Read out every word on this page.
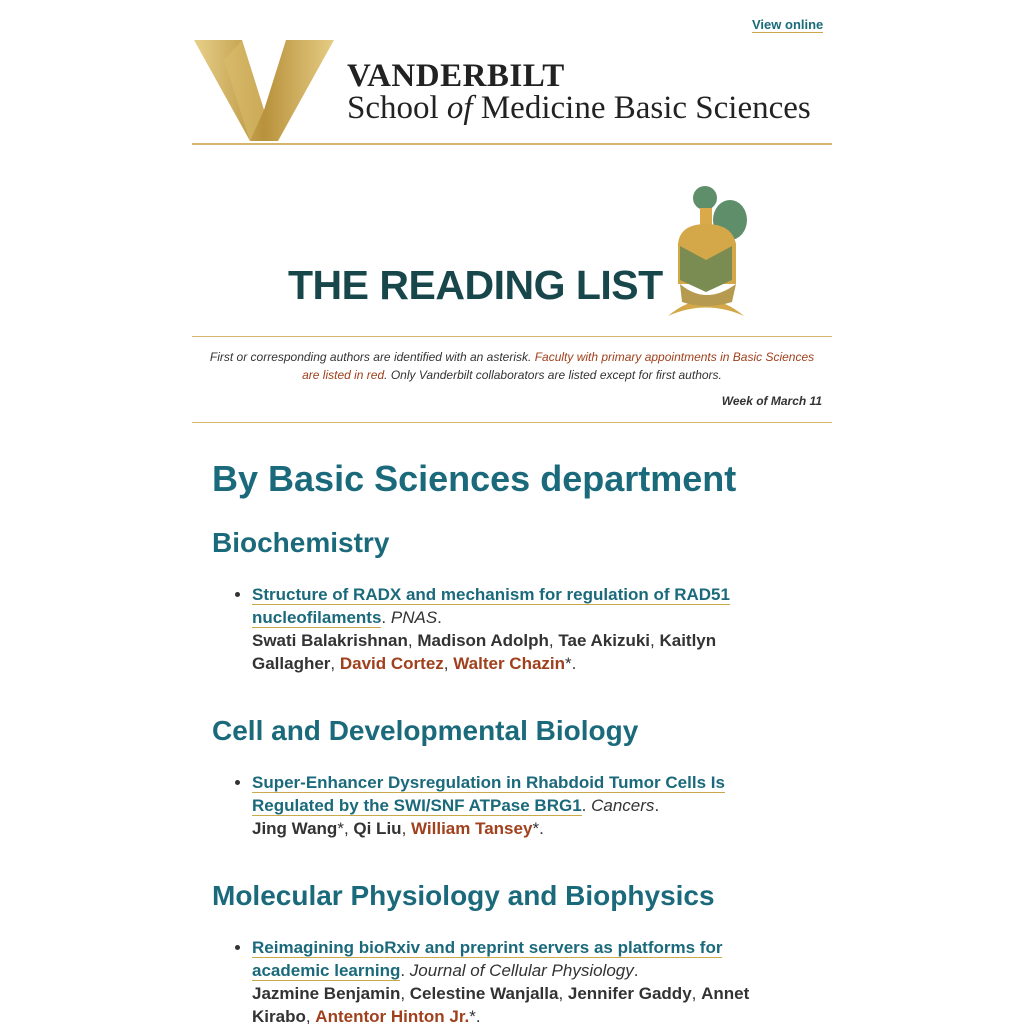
View online
VANDERBILT
School of Medicine Basic Sciences
THE READING LIST
First or corresponding authors are identified with an asterisk. Faculty with primary appointments in Basic Sciences are listed in red. Only Vanderbilt collaborators are listed except for first authors.
Week of March 11
By Basic Sciences department
Biochemistry
• Structure of RADX and mechanism for regulation of RAD51 nucleofilaments. PNAS.
Swati Balakrishnan, Madison Adolph, Tae Akizuki, Kaitlyn Gallagher, David Cortez, Walter Chazin*.
Cell and Developmental Biology
• Super-Enhancer Dysregulation in Rhabdoid Tumor Cells Is Regulated by the SWI/SNF ATPase BRG1. Cancers.
Jing Wang*, Qi Liu, William Tansey*.
Molecular Physiology and Biophysics
• Reimagining bioRxiv and preprint servers as platforms for academic learning. Journal of Cellular Physiology.
Jazmine Benjamin, Celestine Wanjalla, Jennifer Gaddy, Annet Kirabo, Antentor Hinton Jr.*.
